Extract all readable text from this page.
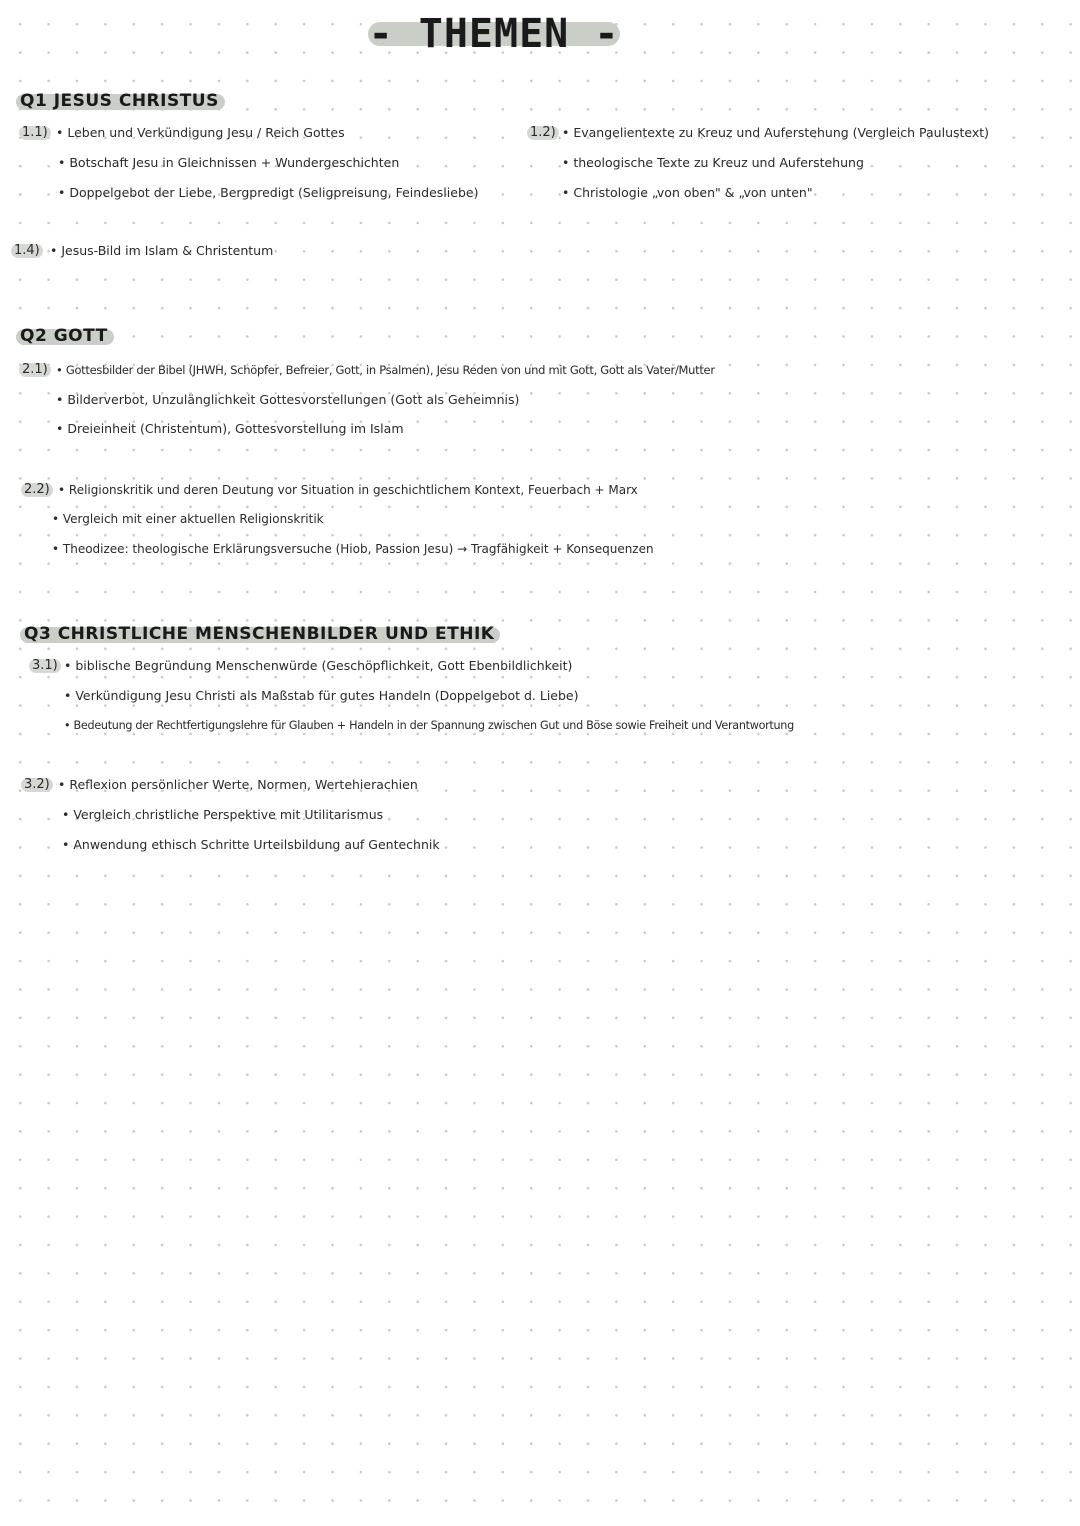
- THEMEN -
Q1 JESUS CHRISTUS
1.1) • Leben und Verkündigung Jesu / Reich Gottes
• Botschaft Jesu in Gleichnissen + Wundergeschichten
• Doppelgebot der Liebe, Bergpredigt (Seligpreisung, Feindesliebe)
1.2) • Evangelientexte zu Kreuz und Auferstehung (Vergleich Paulustext)
• theologische Texte zu Kreuz und Auferstehung
• Christologie „von oben" & „von unten"
1.4) • Jesus-Bild im Islam & Christentum
Q2 GOTT
2.1) • Gottesbilder der Bibel (JHWH, Schöpfer, Befreier, Gott, in Psalmen), Jesu Reden von und mit Gott, Gott als Vater/Mutter
• Bilderverbot, Unzulänglichkeit Gottesvorstellungen (Gott als Geheimnis)
• Dreieinheit (Christentum), Gottesvorstellung im Islam
2.2) • Religionskritik und deren Deutung vor Situation in geschichtlichem Kontext, Feuerbach + Marx
• Vergleich mit einer aktuellen Religionskritik
• Theodizee: theologische Erklärungsversuche (Hiob, Passion Jesu) → Tragfähigkeit + Konsequenzen
Q3 CHRISTLICHE MENSCHENBILDER UND ETHIK
3.1) • biblische Begründung Menschenwürde (Geschöpflichkeit, Gott Ebenbildlichkeit)
• Verkündigung Jesu Christi als Maßstab für gutes Handeln (Doppelgebot d. Liebe)
• Bedeutung der Rechtfertigungslehre für Glauben + Handeln in der Spannung zwischen Gut und Böse sowie Freiheit und Verantwortung
3.2) • Reflexion persönlicher Werte, Normen, Wertehierachien
• Vergleich christliche Perspektive mit Utilitarismus
• Anwendung ethisch Schritte Urteilsbildung auf Gentechnik
